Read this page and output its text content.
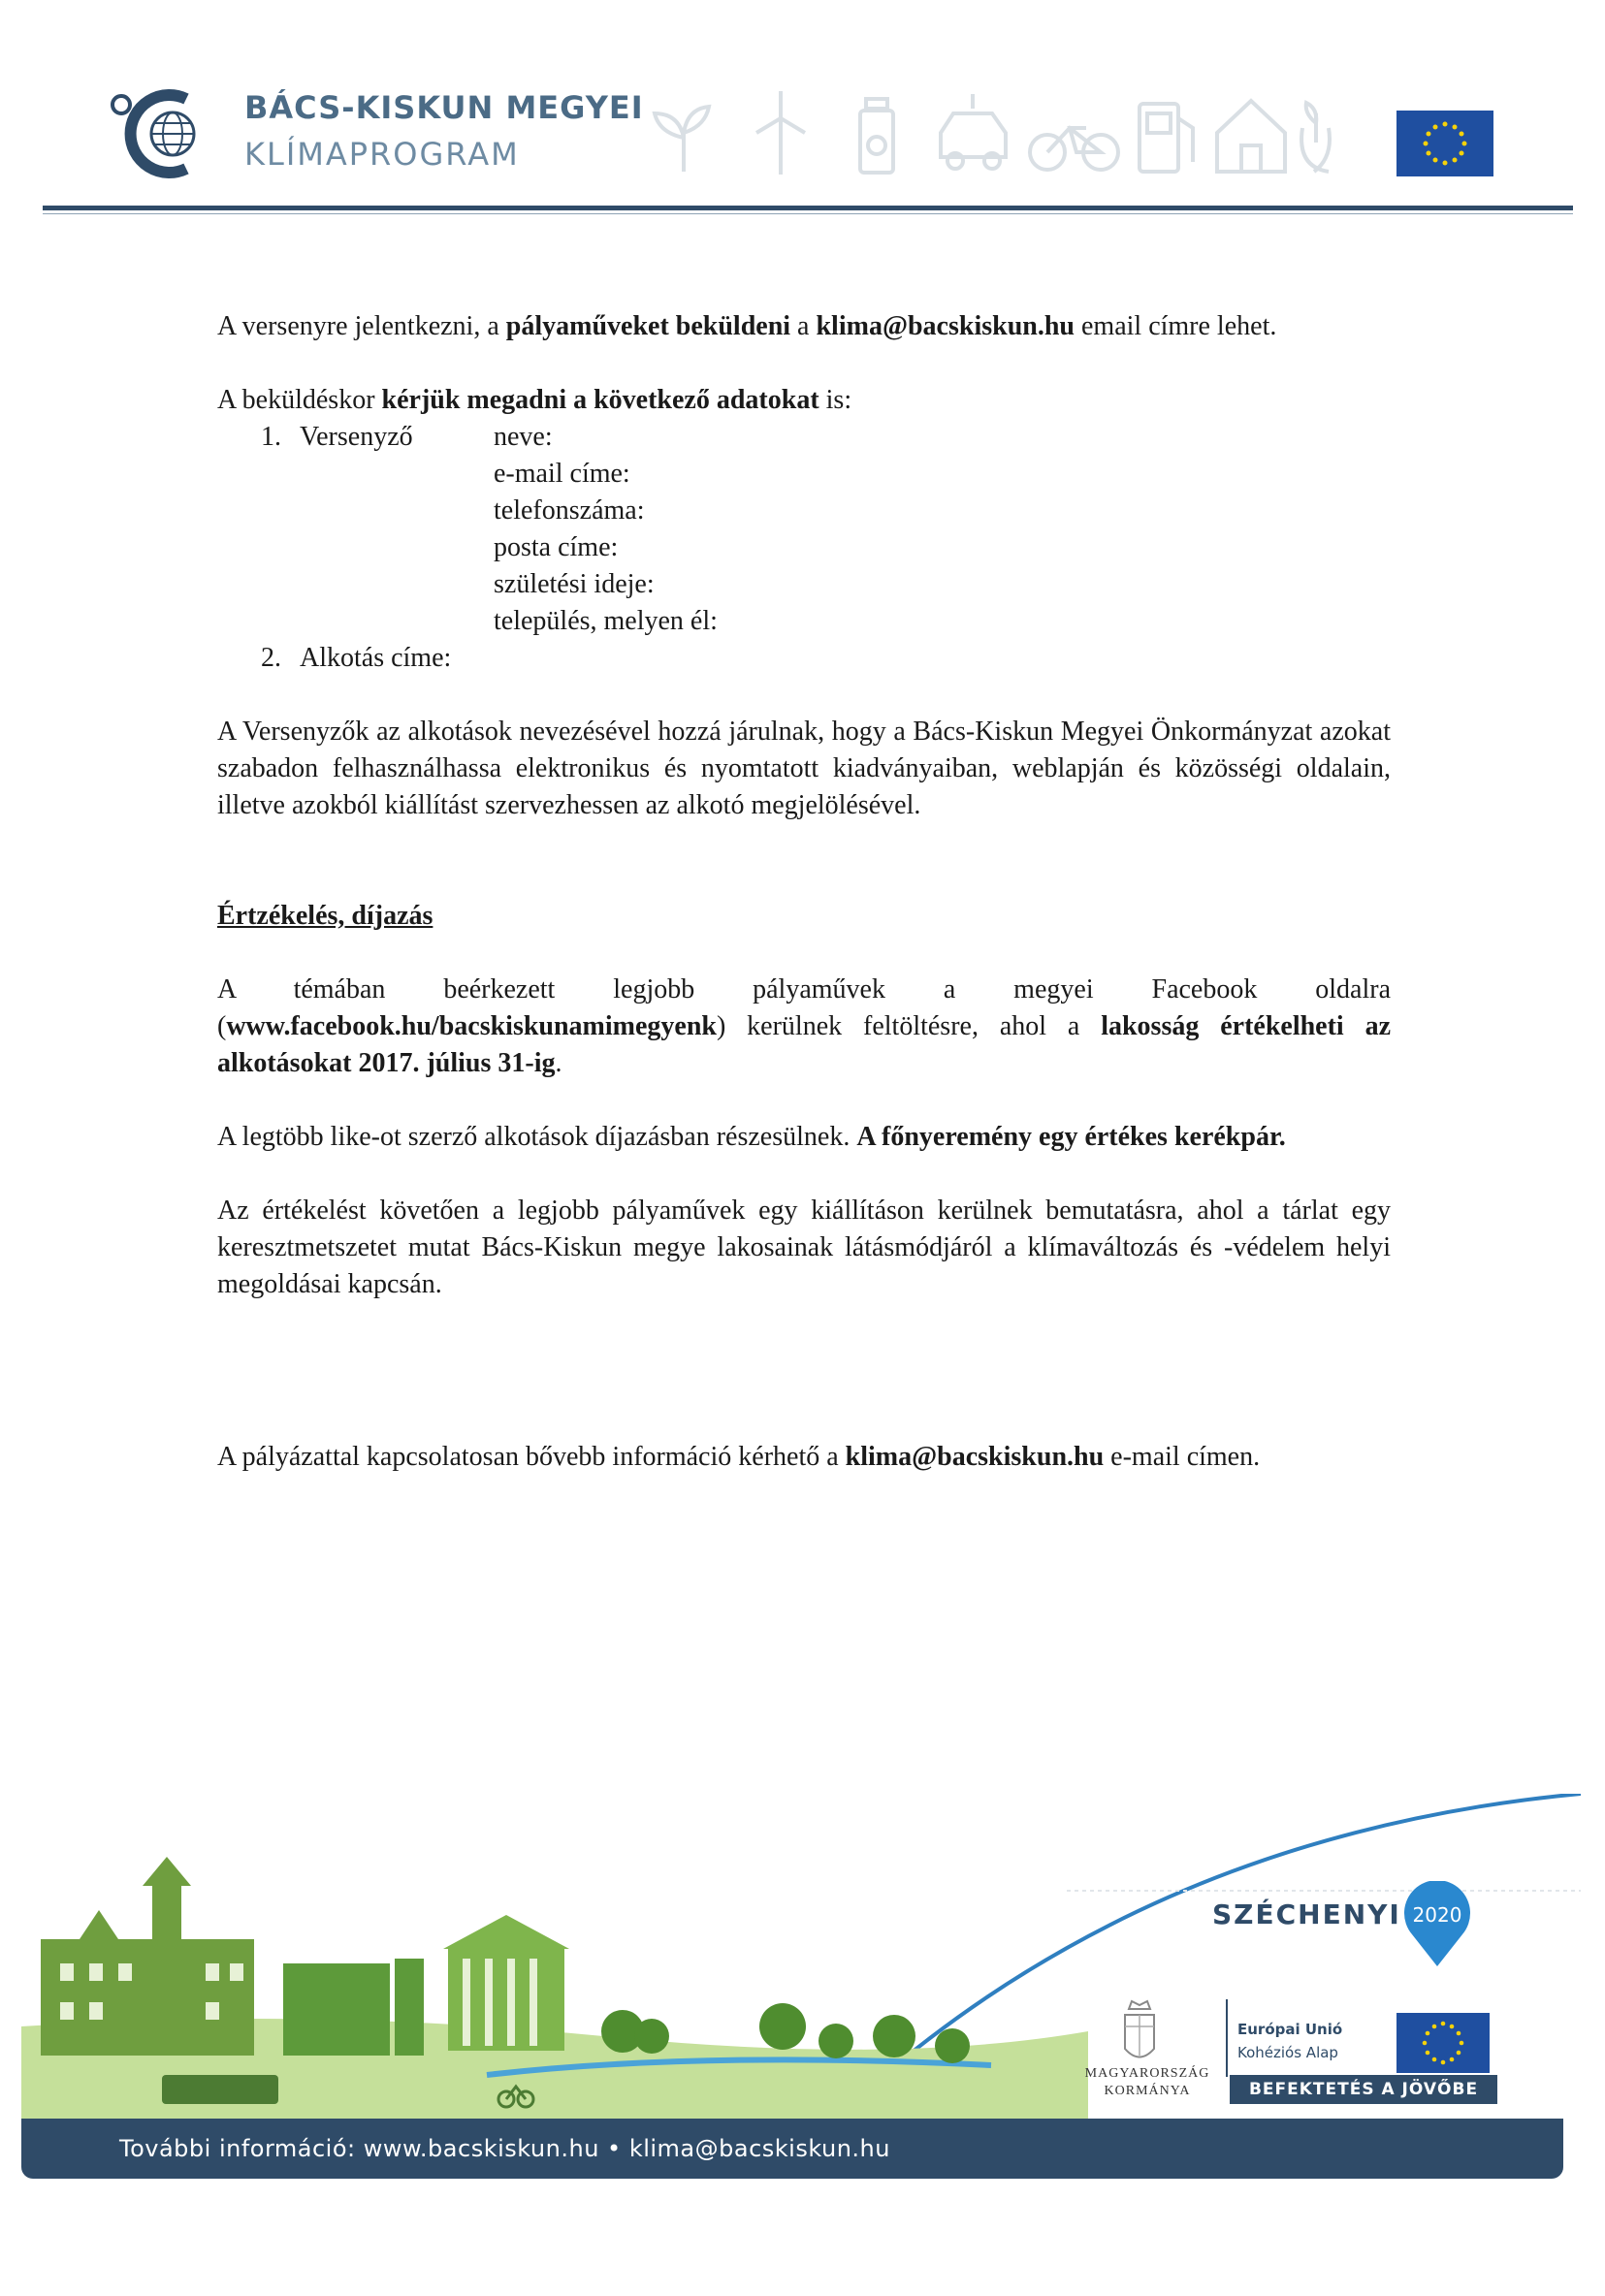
BÁCS-KISKUN MEGYEI
KLÍMAPROGRAM

A versenyre jelentkezni, a pályaműveket beküldeni a klima@bacskiskun.hu email címre lehet.

A beküldéskor kérjük megadni a következő adatokat is:

1. Versenyző	neve:
e-mail címe:
telefonszáma:
posta címe:
születési ideje:
település, melyen él:
2. Alkotás címe:

A Versenyzők az alkotások nevezésével hozzá járulnak, hogy a Bács-Kiskun Megyei Önkormányzat azokat szabadon felhasználhassa elektronikus és nyomtatott kiadványaiban, weblapján és közösségi oldalain, illetve azokból kiállítást szervezhessen az alkotó megjelölésével.

Értzékelés, díjazás

A témában beérkezett legjobb pályaművek a megyei Facebook oldalra (www.facebook.hu/bacskiskunamimegyenk) kerülnek feltöltésre, ahol a lakosság értékelheti az alkotásokat 2017. július 31-ig.

A legtöbb like-ot szerző alkotások díjazásban részesülnek. A főnyeremény egy értékes kerékpár.

Az értékelést követően a legjobb pályaművek egy kiállításon kerülnek bemutatásra, ahol a tárlat egy keresztmetszetet mutat Bács-Kiskun megye lakosainak látásmódjáról a klímaváltozás és -védelem helyi megoldásai kapcsán.

A pályázattal kapcsolatosan bővebb információ kérhető a klima@bacskiskun.hu e-mail címen.

További információ: www.bacskiskun.hu • klima@bacskiskun.hu
SZÉCHENYI 2020
MAGYARORSZÁG
KORMÁNYA
Európai Unió
Kohéziós Alap
BEFEKTETÉS A JÖVŐBE
